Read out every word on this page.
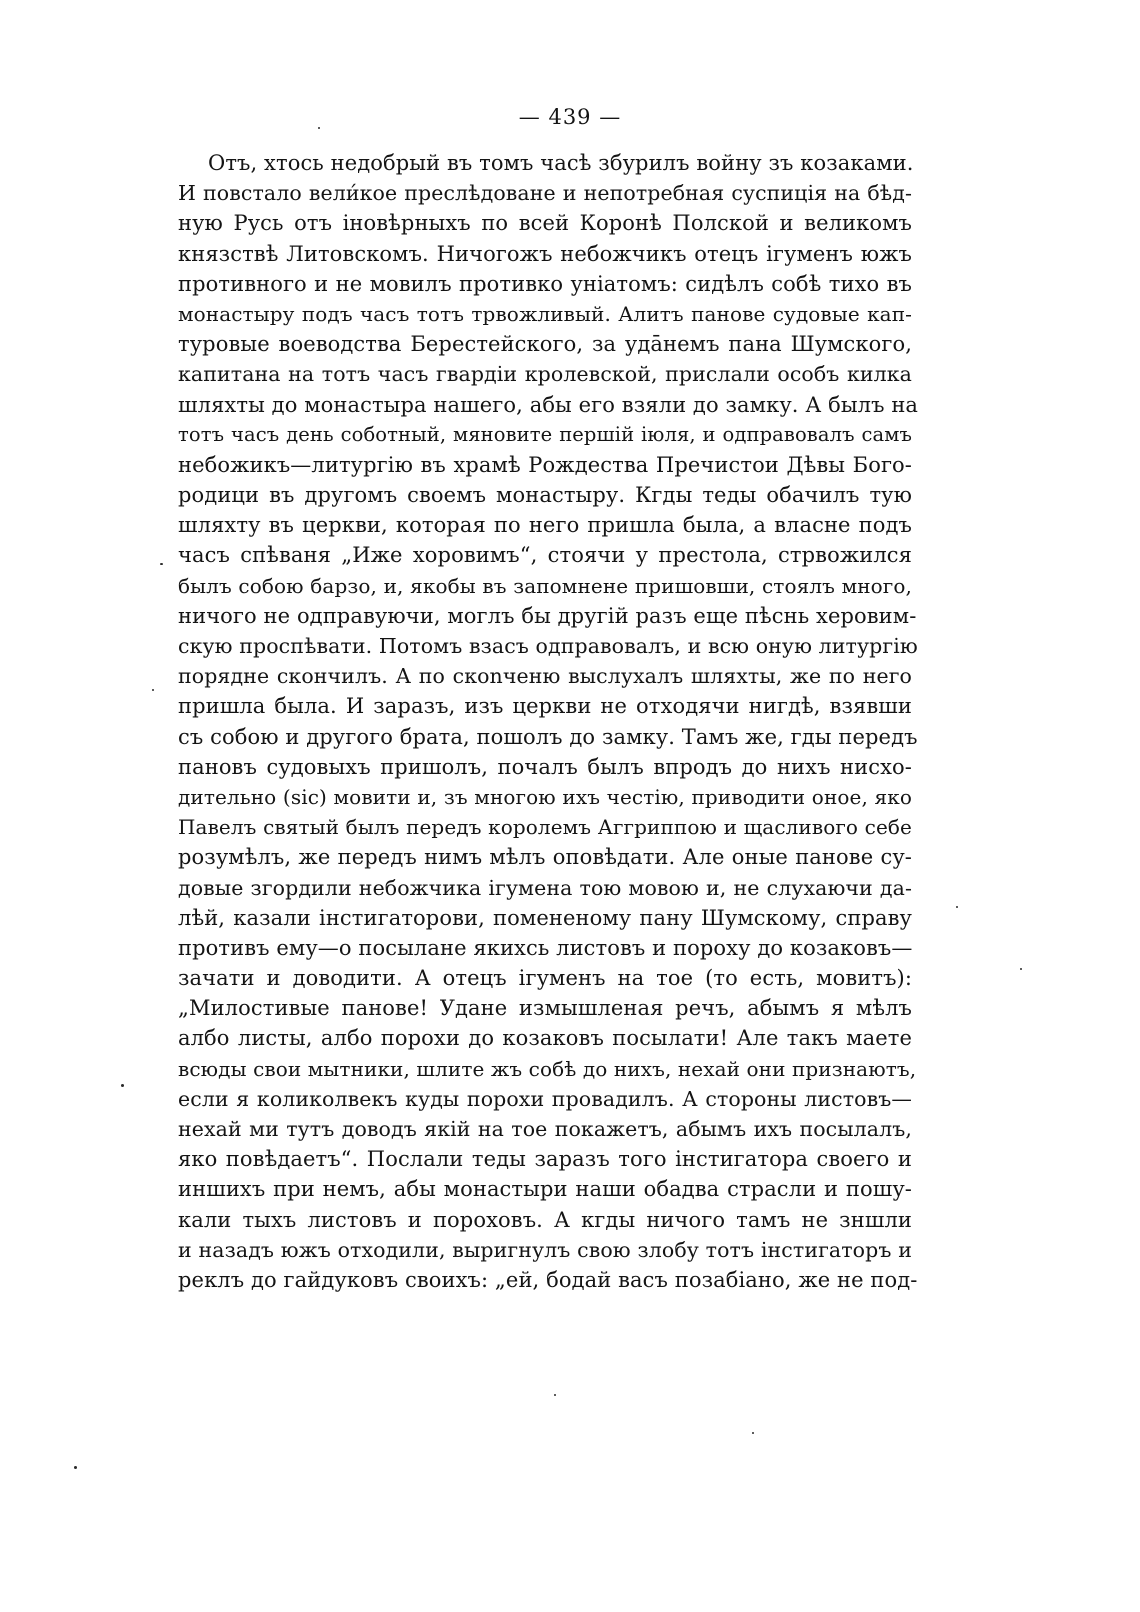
— 439 —
Отъ, хтось недобрый въ томъ часѣ збурилъ войну зъ козаками.
И повстало вели́кое преслѣдоване и непотребная суспиція на бѣд-
ную Русь отъ іновѣрныхъ по всей Коронѣ Полской и великомъ
князствѣ Литовскомъ. Ничогожъ небожчикъ отецъ ігуменъ южъ
противного и не мовилъ противко уніатомъ: сидѣлъ собѣ тихо въ
монастыру подъ часъ тотъ трвожливый. Алитъ панове судовые кап-
туровые воеводства Берестейского, за уда̄немъ пана Шумского,
капитана на тотъ часъ гвардіи кролевской, прислали особъ килка
шляхты до монастыра нашего, абы его взяли до замку. А былъ на
тотъ часъ день соботный, мяновите першій іюля, и одправовалъ самъ
небожикъ—литургію въ храмѣ Рождества Пречистои Дѣвы Бого-
родици въ другомъ своемъ монастыру. Кгды теды обачилъ тую
шляхту въ церкви, которая по него пришла была, а власне подъ
часъ спѣваня „Иже хоровимъ“, стоячи у престола, стрвожился
былъ собою барзо, и, якобы въ запомнене пришовши, стоялъ много,
ничого не одправуючи, моглъ бы другій разъ еще пѣснь херовим-
скую проспѣвати. Потомъ взасъ одправовалъ, и всю оную литургію
порядне скончилъ. А по скonченю выслухалъ шляхты, же по него
пришла была. И заразъ, изъ церкви не отходячи нигдѣ, взявши
съ собою и другого брата, пошолъ до замку. Тамъ же, гды передъ
пановъ судовыхъ пришолъ, почалъ былъ впродъ до нихъ нисхо-
дительно (sic) мовити и, зъ многою ихъ честію, приводити оное, яко
Павелъ святый былъ передъ королемъ Аггриппою и щасливого себе
розумѣлъ, же передъ нимъ мѣлъ оповѣдати. Але оные панове су-
довые згордили небожчика ігумена тою мовою и, не слухаючи да-
лѣй, казали інстигаторови, помененому пану Шумскому, справу
противъ ему—о посылане якихсь листовъ и пороху до козаковъ—
зачати и доводити. А отецъ ігуменъ на тое (то есть, мовитъ):
„Милостивые панове! Удане измышленая речъ, абымъ я мѣлъ
албо листы, албо порохи до козаковъ посылати! Але такъ маете
всюды свои мытники, шлите жъ собѣ до нихъ, нехай они признаютъ,
если я коликолвекъ куды порохи провадилъ. А стороны листовъ—
нехай ми тутъ доводъ якій на тое покажетъ, абымъ ихъ посылалъ,
яко повѣдаетъ“. Послали теды заразъ того інстигатора своего и
иншихъ при немъ, абы монастыри наши обадва страсли и пошу-
кали тыхъ листовъ и пороховъ. А кгды ничого тамъ не зншли
и назадъ южъ отходили, выригнулъ свою злобу тотъ інстигаторъ и
реклъ до гайдуковъ своихъ: „ей, бодай васъ позабіано, же не под-
